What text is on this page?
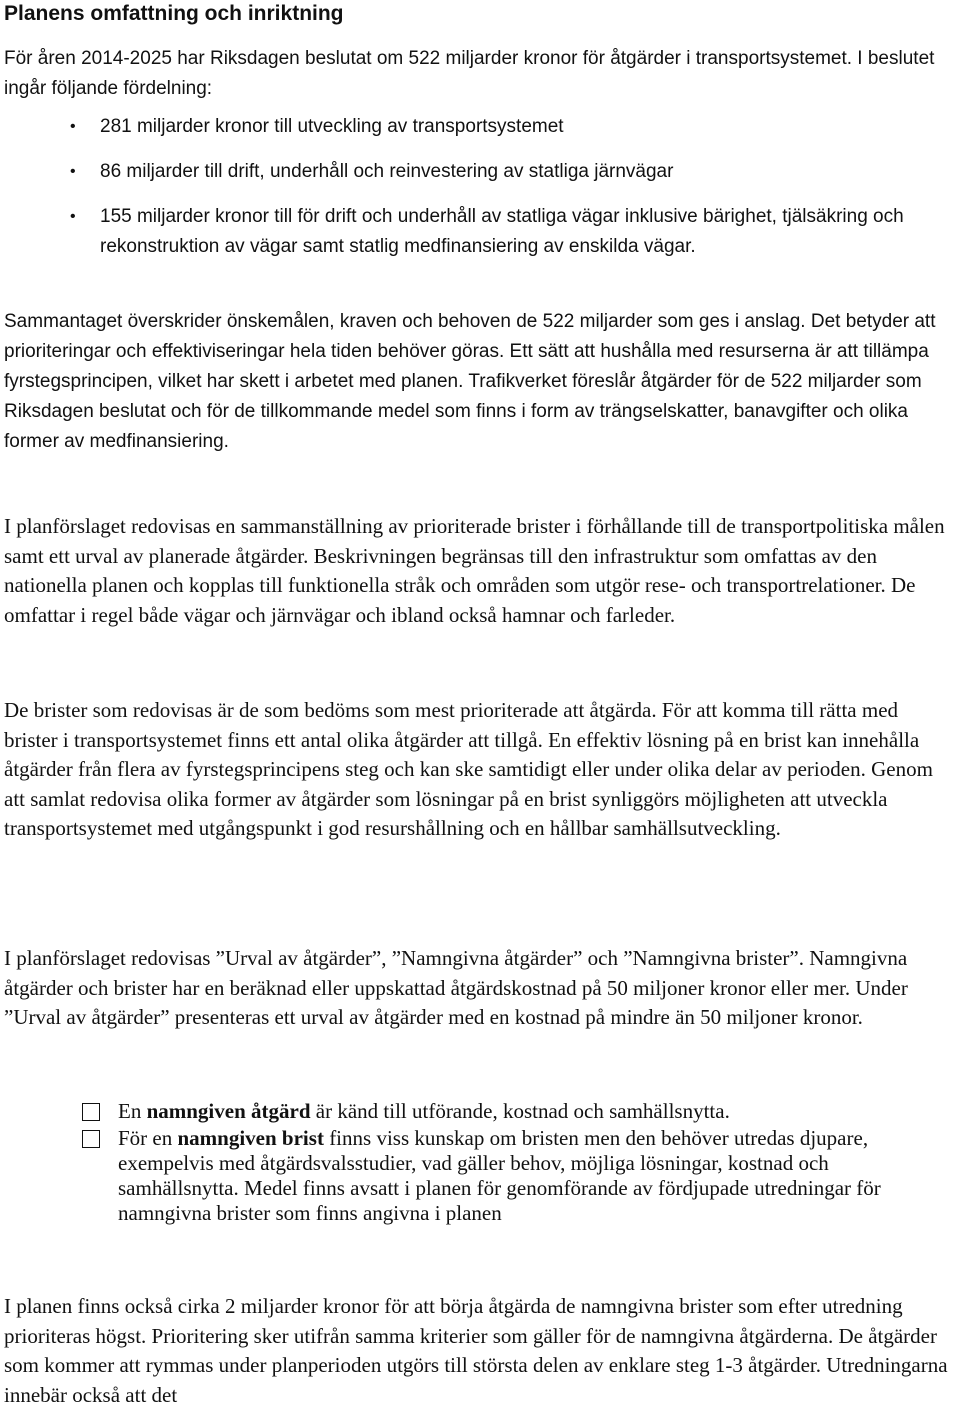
Planens omfattning och inriktning

För åren 2014-2025 har Riksdagen beslutat om 522 miljarder kronor för åtgärder i transportsystemet. I beslutet ingår följande fördelning:

• 281 miljarder kronor till utveckling av transportsystemet
• 86 miljarder till drift, underhåll och reinvestering av statliga järnvägar
• 155 miljarder kronor till för drift och underhåll av statliga vägar inklusive bärighet, tjälsäkring och rekonstruktion av vägar samt statlig medfinansiering av enskilda vägar.

Sammantaget överskrider önskemålen, kraven och behoven de 522 miljarder som ges i anslag. Det betyder att prioriteringar och effektiviseringar hela tiden behöver göras. Ett sätt att hushålla med resurserna är att tillämpa fyrstegsprincipen, vilket har skett i arbetet med planen. Trafikverket föreslår åtgärder för de 522 miljarder som Riksdagen beslutat och för de tillkommande medel som finns i form av trängselskatter, banavgifter och olika former av medfinansiering.

I planförslaget redovisas en sammanställning av prioriterade brister i förhållande till de transportpolitiska målen samt ett urval av planerade åtgärder. Beskrivningen begränsas till den infrastruktur som omfattas av den nationella planen och kopplas till funktionella stråk och områden som utgör rese- och transportrelationer. De omfattar i regel både vägar och järnvägar och ibland också hamnar och farleder.

De brister som redovisas är de som bedöms som mest prioriterade att åtgärda. För att komma till rätta med brister i transportsystemet finns ett antal olika åtgärder att tillgå. En effektiv lösning på en brist kan innehålla åtgärder från flera av fyrstegsprincipens steg och kan ske samtidigt eller under olika delar av perioden. Genom att samlat redovisa olika former av åtgärder som lösningar på en brist synliggörs möjligheten att utveckla transportsystemet med utgångspunkt i god resurshållning och en hållbar samhällsutveckling.

I planförslaget redovisas ”Urval av åtgärder”, ”Namngivna åtgärder” och ”Namngivna brister”. Namngivna åtgärder och brister har en beräknad eller uppskattad åtgärdskostnad på 50 miljoner kronor eller mer. Under ”Urval av åtgärder” presenteras ett urval av åtgärder med en kostnad på mindre än 50 miljoner kronor.

En namngiven åtgärd är känd till utförande, kostnad och samhällsnytta.
För en namngiven brist finns viss kunskap om bristen men den behöver utredas djupare, exempelvis med åtgärdsvalsstudier, vad gäller behov, möjliga lösningar, kostnad och samhällsnytta. Medel finns avsatt i planen för genomförande av fördjupade utredningar för namngivna brister som finns angivna i planen

I planen finns också cirka 2 miljarder kronor för att börja åtgärda de namngivna brister som efter utredning prioriteras högst. Prioritering sker utifrån samma kriterier som gäller för de namngivna åtgärderna. De åtgärder som kommer att rymmas under planperioden utgörs till största delen av enklare steg 1-3 åtgärder. Utredningarna innebär också att det
